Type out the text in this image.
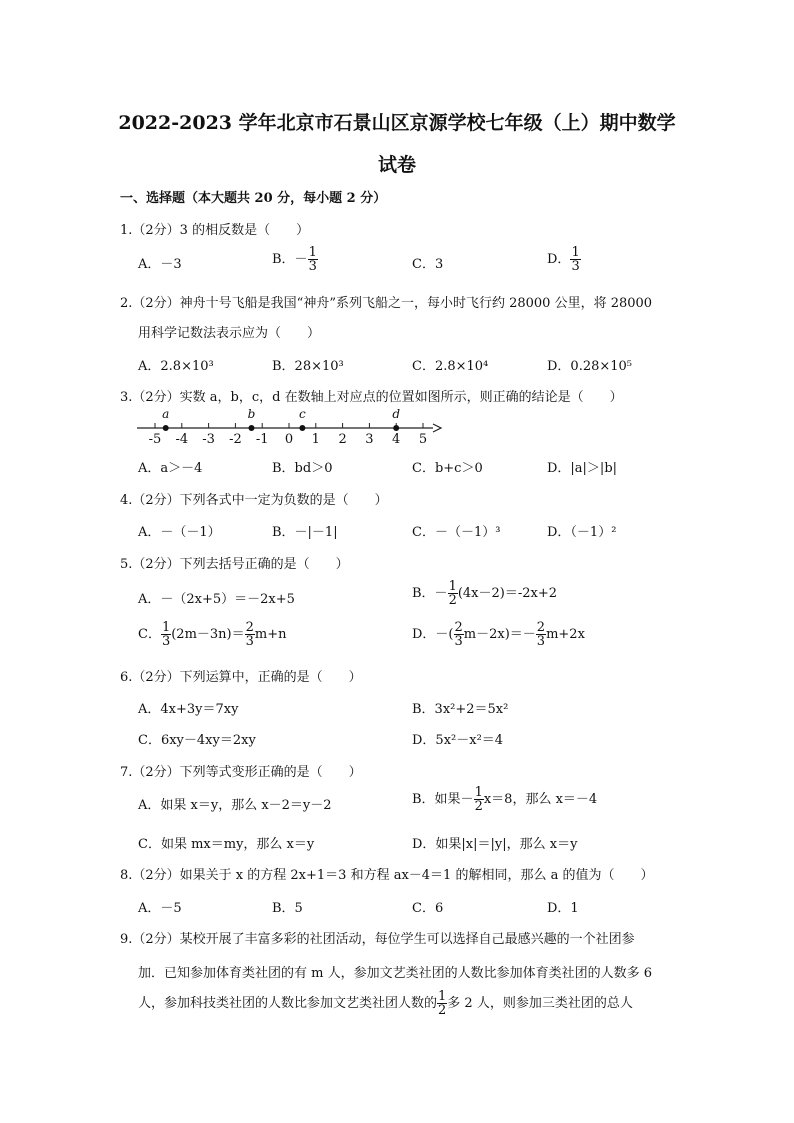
2022-2023 学年北京市石景山区京源学校七年级（上）期中数学
试卷
一、选择题（本大题共 20 分，每小题 2 分）
1.（2分）3 的相反数是（　　）
A．－3	B．－ $\frac{1}{3}$	C．3	D． $\frac{1}{3}$
2.（2分）神舟十号飞船是我国“神舟”系列飞船之一，每小时飞行约 28000 公里，将 28000
用科学记数法表示应为（　　）
A．2.8×10³	B．28×10³	C．2.8×10⁴	D．0.28×10⁵
3.（2分）实数 a，b，c，d 在数轴上对应点的位置如图所示，则正确的结论是（　　）
-5 -4 -3 -2 -1 0 1 2 3 4 5
a	b	c	d
A．a＞－4	B．bd＞0	C．b+c＞0	D．|a|＞|b|
4.（2分）下列各式中一定为负数的是（　　）
A．－（－1）	B．－|－1|	C．－（－1）³	D．（－1）²
5.（2分）下列去括号正确的是（　　）
A．－（2x+5）＝－2x+5	B．－ $\frac{1}{2} (4x-2)=-2x+2$
C． $\frac{1}{3} (2m-3n)= \frac{2}{3} m+n$	D．－( $\frac{2}{3} m-2x)=- \frac{2}{3} m+2x$
6.（2分）下列运算中，正确的是（　　）
A．4x+3y＝7xy	B．3x²+2＝5x²
C．6xy－4xy＝2xy	D．5x²－x²＝4
7.（2分）下列等式变形正确的是（　　）
A．如果 x＝y，那么 x－2＝y－2	B．如果－ $\frac{1}{2} x=8$，那么 x＝－4
C．如果 mx＝my，那么 x＝y	D．如果|x|＝|y|，那么 x＝y
8.（2分）如果关于 x 的方程 2x+1＝3 和方程 ax－4＝1 的解相同，那么 a 的值为（　　）
A．－5	B．5	C．6	D．1
9.（2分）某校开展了丰富多彩的社团活动，每位学生可以选择自己最感兴趣的一个社团参
加．已知参加体育类社团的有 m 人，参加文艺类社团的人数比参加体育类社团的人数多 6
人，参加科技类社团的人数比参加文艺类社团人数的 $\frac{1}{2}$ 多 2 人，则参加三类社团的总人
